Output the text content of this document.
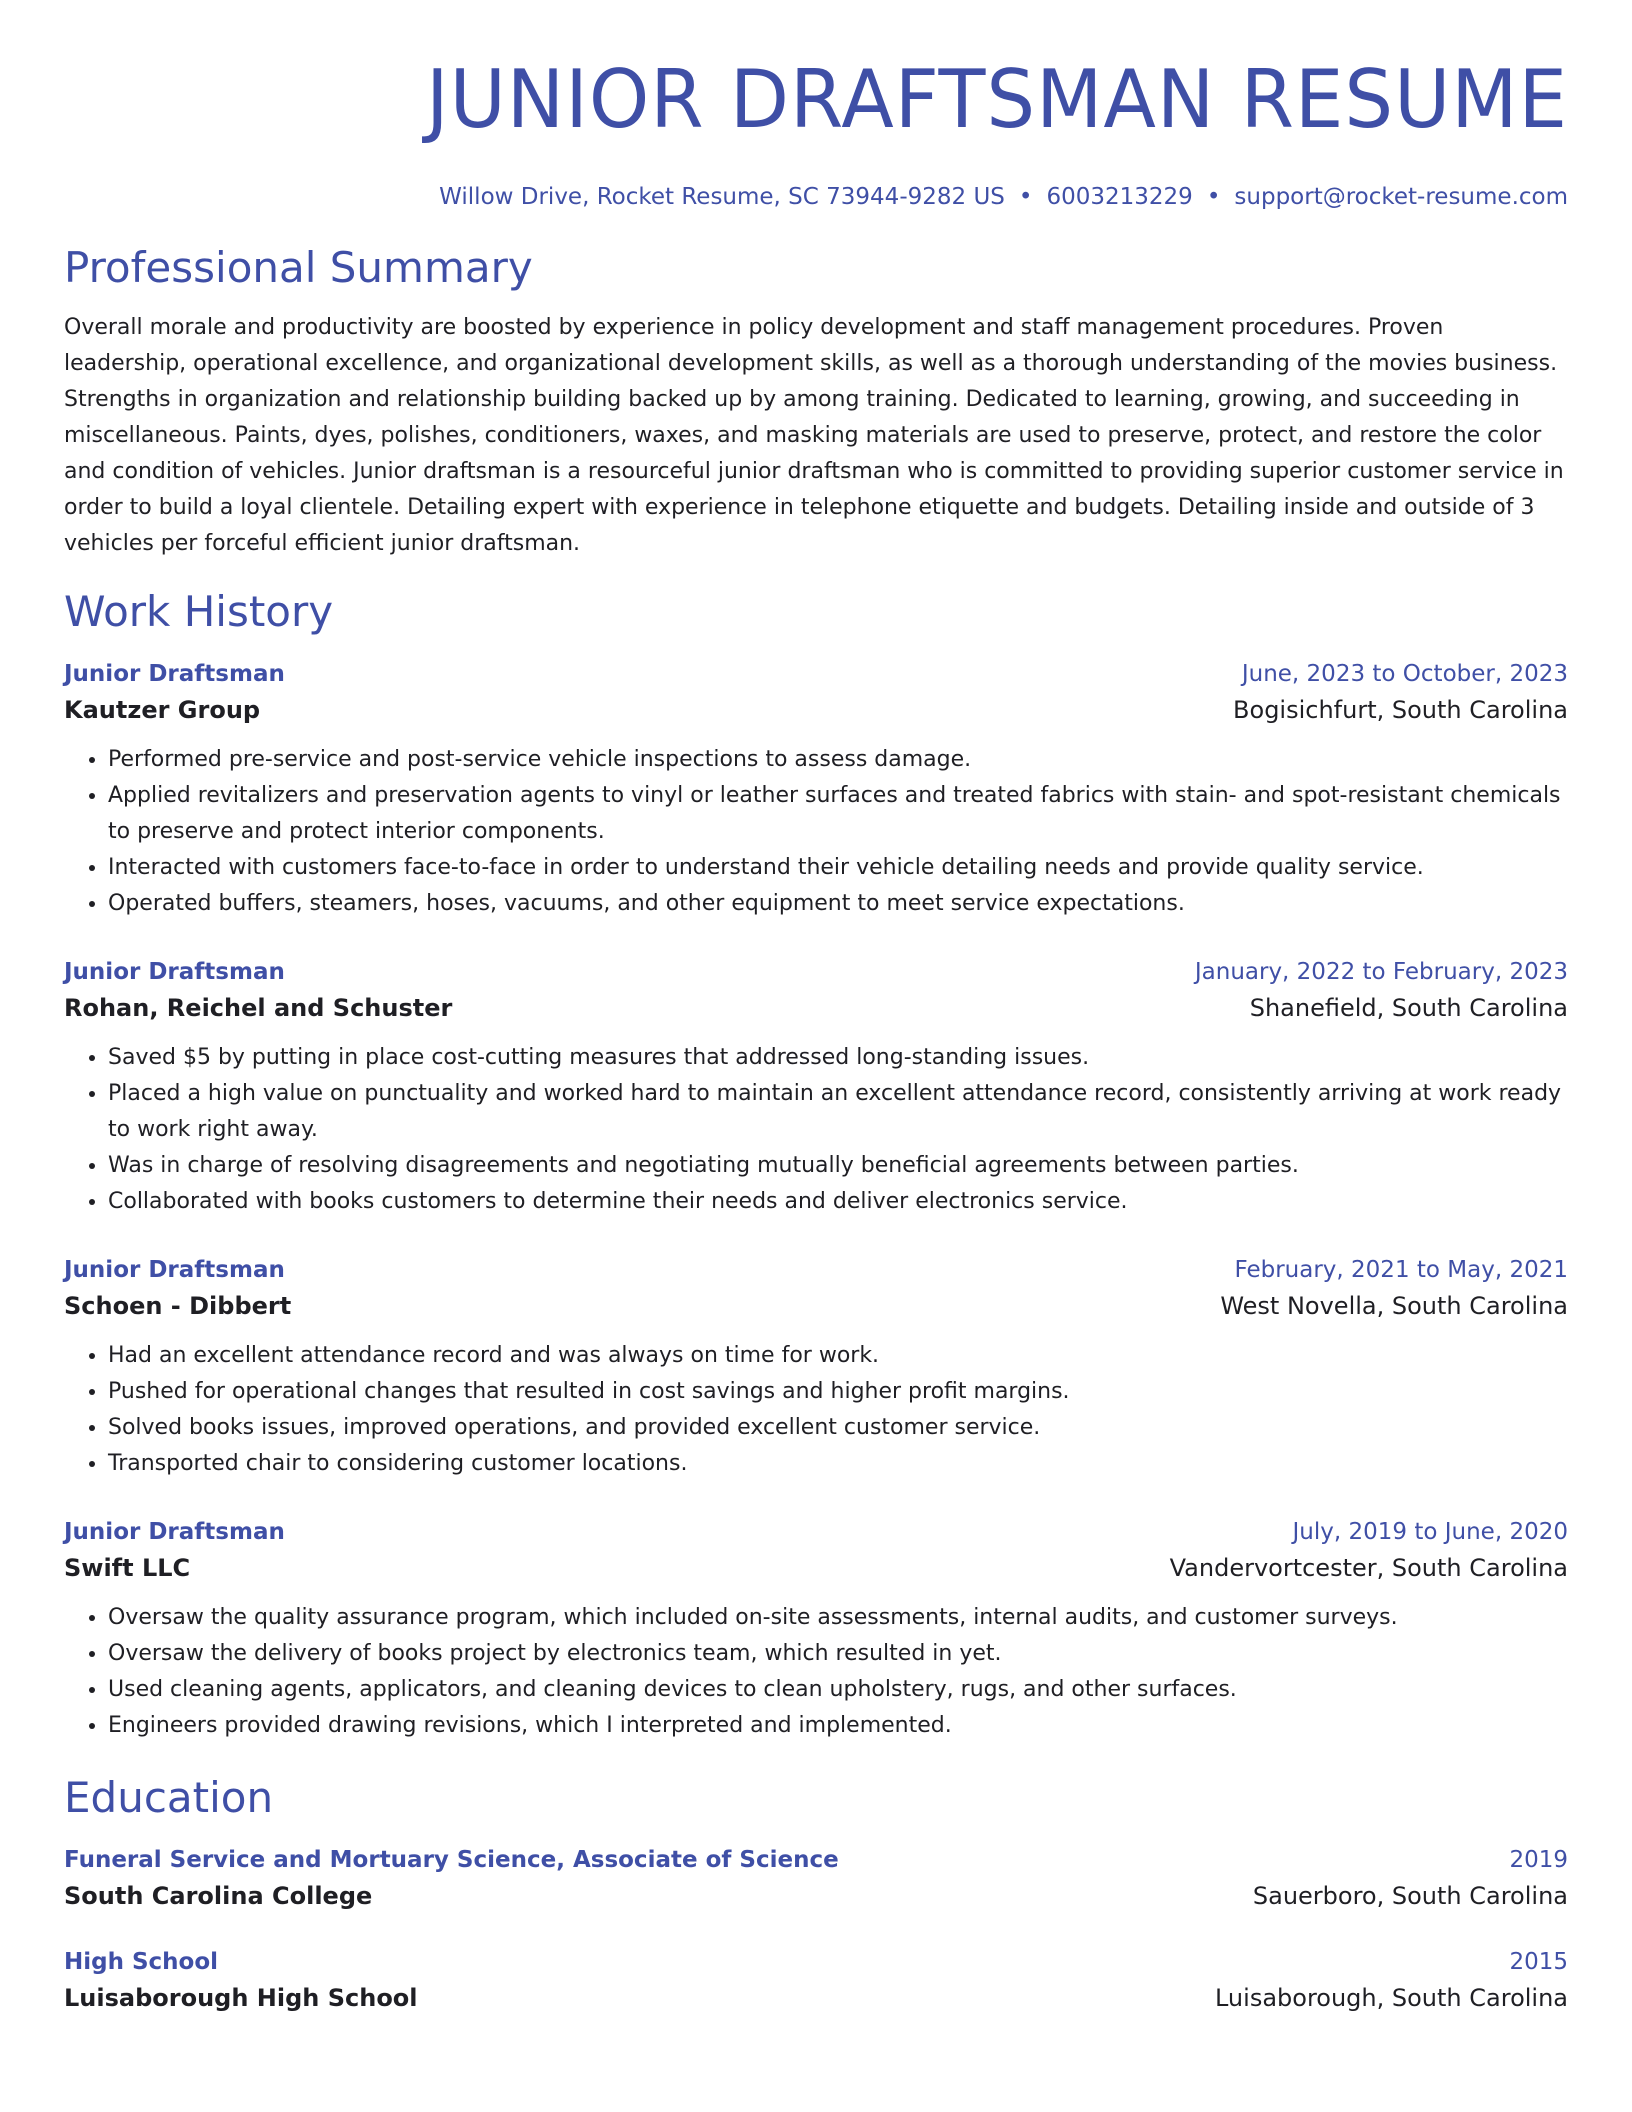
JUNIOR DRAFTSMAN RESUME
Willow Drive, Rocket Resume, SC 73944-9282 US • 6003213229 • support@rocket-resume.com
Professional Summary
Overall morale and productivity are boosted by experience in policy development and staff management procedures. Proven leadership, operational excellence, and organizational development skills, as well as a thorough understanding of the movies business. Strengths in organization and relationship building backed up by among training. Dedicated to learning, growing, and succeeding in miscellaneous. Paints, dyes, polishes, conditioners, waxes, and masking materials are used to preserve, protect, and restore the color and condition of vehicles. Junior draftsman is a resourceful junior draftsman who is committed to providing superior customer service in order to build a loyal clientele. Detailing expert with experience in telephone etiquette and budgets. Detailing inside and outside of 3 vehicles per forceful efficient junior draftsman.
Work History
Junior Draftsman	June, 2023 to October, 2023
Kautzer Group	Bogisichfurt, South Carolina
• Performed pre-service and post-service vehicle inspections to assess damage.
• Applied revitalizers and preservation agents to vinyl or leather surfaces and treated fabrics with stain- and spot-resistant chemicals to preserve and protect interior components.
• Interacted with customers face-to-face in order to understand their vehicle detailing needs and provide quality service.
• Operated buffers, steamers, hoses, vacuums, and other equipment to meet service expectations.
Junior Draftsman	January, 2022 to February, 2023
Rohan, Reichel and Schuster	Shanefield, South Carolina
• Saved $5 by putting in place cost-cutting measures that addressed long-standing issues.
• Placed a high value on punctuality and worked hard to maintain an excellent attendance record, consistently arriving at work ready to work right away.
• Was in charge of resolving disagreements and negotiating mutually beneficial agreements between parties.
• Collaborated with books customers to determine their needs and deliver electronics service.
Junior Draftsman	February, 2021 to May, 2021
Schoen - Dibbert	West Novella, South Carolina
• Had an excellent attendance record and was always on time for work.
• Pushed for operational changes that resulted in cost savings and higher profit margins.
• Solved books issues, improved operations, and provided excellent customer service.
• Transported chair to considering customer locations.
Junior Draftsman	July, 2019 to June, 2020
Swift LLC	Vandervortcester, South Carolina
• Oversaw the quality assurance program, which included on-site assessments, internal audits, and customer surveys.
• Oversaw the delivery of books project by electronics team, which resulted in yet.
• Used cleaning agents, applicators, and cleaning devices to clean upholstery, rugs, and other surfaces.
• Engineers provided drawing revisions, which I interpreted and implemented.
Education
Funeral Service and Mortuary Science, Associate of Science	2019
South Carolina College	Sauerboro, South Carolina
High School	2015
Luisaborough High School	Luisaborough, South Carolina
